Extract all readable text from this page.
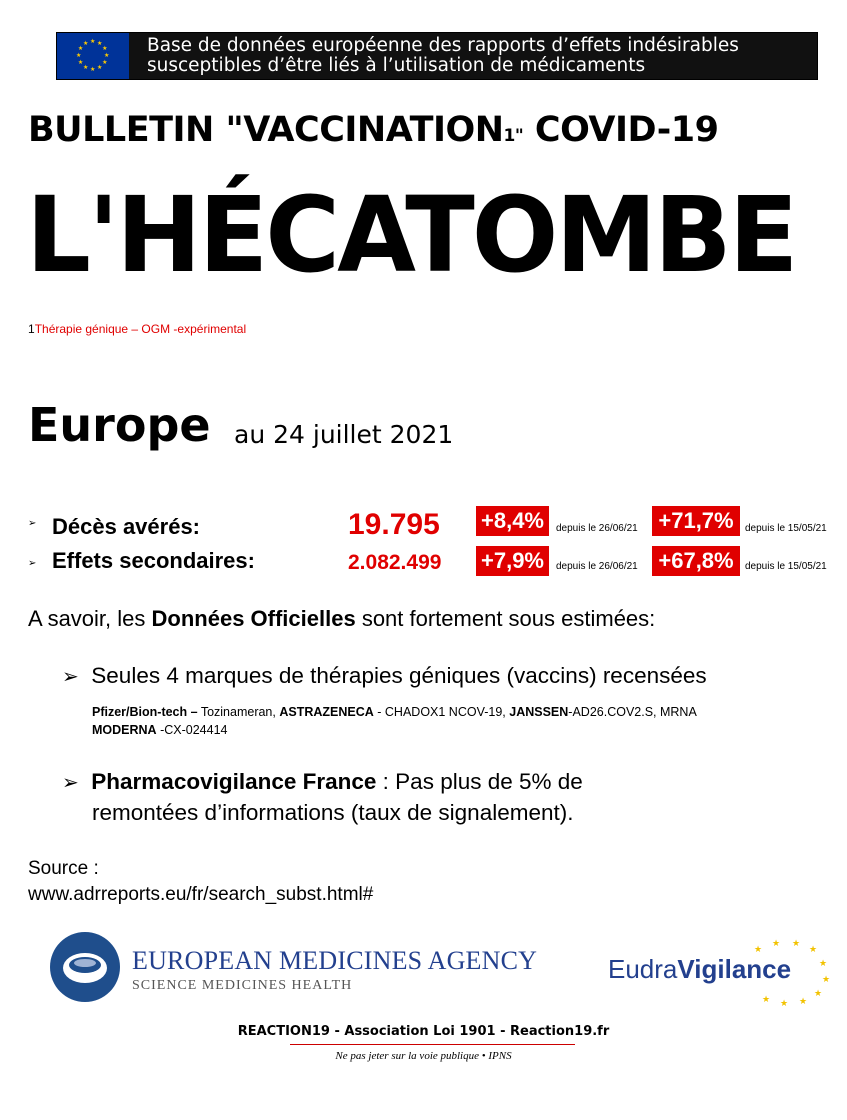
★ ★
★
★
★
★
★
★
★
★
★
★	Base de données européenne des rapports d’effets indésirables
susceptibles d’être liés à l’utilisation de médicaments
BULLETIN "VACCINATION1" COVID-19
L'HÉCATOMBE
1Thérapie génique – OGM -expérimental
Europe au 24 juillet 2021
➢ Décès avérés:	19.795 +8,4%	depuis le 26/06/21 +71,7%	depuis le 15/05/21
➢ Effets secondaires:	2.082.499 +7,9%	depuis le 26/06/21 +67,8%	depuis le 15/05/21
A savoir, les Données Officielles sont fortement sous estimées:
➢ Seules 4 marques de thérapies géniques (vaccins) recensées
Pfizer/Bion-tech – Tozinameran, ASTRAZENECA - CHADOX1 NCOV-19, JANSSEN-AD26.COV2.S, MRNA
MODERNA -CX-024414
➢ Pharmacovigilance France : Pas plus de 5% de
remontées d’informations (taux de signalement).
Source :
www.adrreports.eu/fr/search_subst.html#
EUROPEAN MEDICINES AGENCY
SCIENCE MEDICINES HEALTH
EudraVigilance
★
★ ★
★
★
★
★
★
★
★
REACTION19 - Association Loi 1901 - Reaction19.fr
Ne pas jeter sur la voie publique • IPNS
